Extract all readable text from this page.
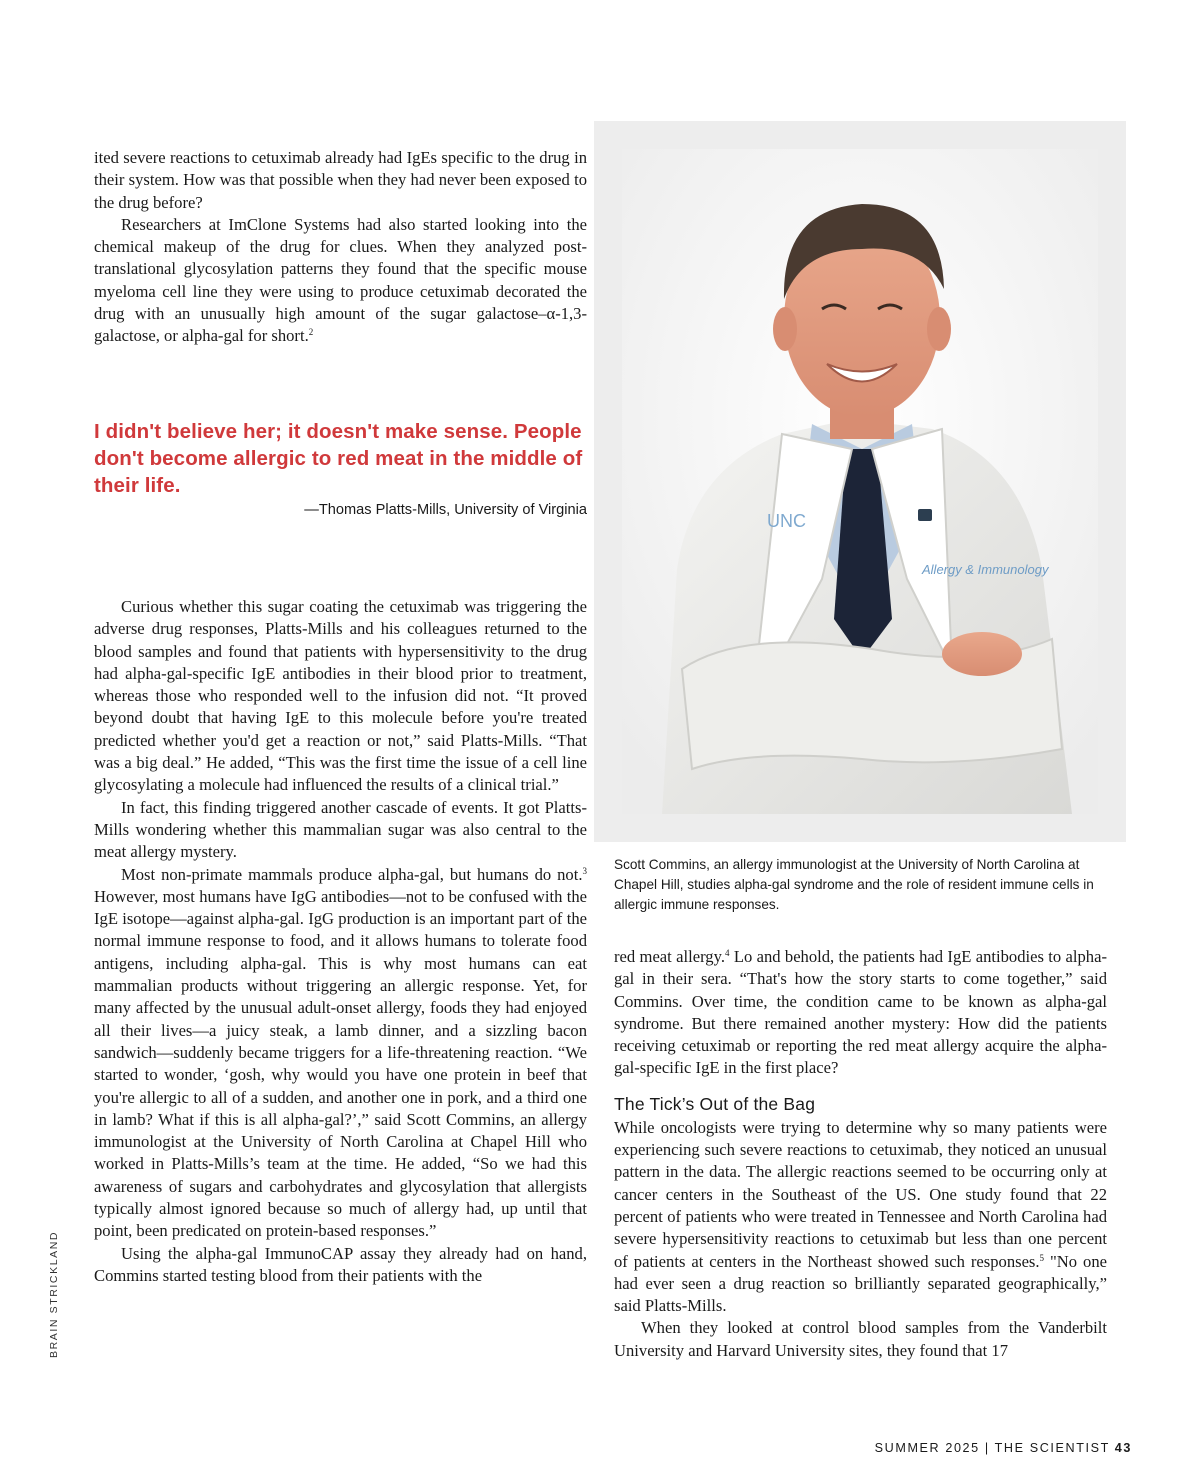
ited severe reactions to cetuximab already had IgEs specific to the drug in their system. How was that possible when they had never been exposed to the drug before?

Researchers at ImClone Systems had also started looking into the chemical makeup of the drug for clues. When they analyzed post-translational glycosylation patterns they found that the specific mouse myeloma cell line they were using to produce cetuximab decorated the drug with an unusually high amount of the sugar galactose–α-1,3-galactose, or alpha-gal for short.$^2$

I didn't believe her; it doesn't make sense. People don't become allergic to red meat in the middle of their life.

—Thomas Platts-Mills, University of Virginia

Curious whether this sugar coating the cetuximab was triggering the adverse drug responses, Platts-Mills and his colleagues returned to the blood samples and found that patients with hypersensitivity to the drug had alpha-gal-specific IgE antibodies in their blood prior to treatment, whereas those who responded well to the infusion did not. “It proved beyond doubt that having IgE to this molecule before you're treated predicted whether you'd get a reaction or not,” said Platts-Mills. “That was a big deal.” He added, “This was the first time the issue of a cell line glycosylating a molecule had influenced the results of a clinical trial.”

In fact, this finding triggered another cascade of events. It got Platts-Mills wondering whether this mammalian sugar was also central to the meat allergy mystery.

Most non-primate mammals produce alpha-gal, but humans do not.$^3$ However, most humans have IgG antibodies—not to be confused with the IgE isotope—against alpha-gal. IgG production is an important part of the normal immune response to food, and it allows humans to tolerate food antigens, including alpha-gal. This is why most humans can eat mammalian products without triggering an allergic response. Yet, for many affected by the unusual adult-onset allergy, foods they had enjoyed all their lives—a juicy steak, a lamb dinner, and a sizzling bacon sandwich—suddenly became triggers for a life-threatening reaction. “We started to wonder, ‘gosh, why would you have one protein in beef that you're allergic to all of a sudden, and another one in pork, and a third one in lamb? What if this is all alpha-gal?’,” said Scott Commins, an allergy immunologist at the University of North Carolina at Chapel Hill who worked in Platts-Mills’s team at the time. He added, “So we had this awareness of sugars and carbohydrates and glycosylation that allergists typically almost ignored because so much of allergy had, up until that point, been predicated on protein-based responses.”

Using the alpha-gal ImmunoCAP assay they already had on hand, Commins started testing blood from their patients with the

UNC
Allergy & Immunology

Scott Commins, an allergy immunologist at the University of North Carolina at Chapel Hill, studies alpha-gal syndrome and the role of resident immune cells in allergic immune responses.

red meat allergy.$^4$ Lo and behold, the patients had IgE antibodies to alpha-gal in their sera. “That's how the story starts to come together,” said Commins. Over time, the condition came to be known as alpha-gal syndrome. But there remained another mystery: How did the patients receiving cetuximab or reporting the red meat allergy acquire the alpha-gal-specific IgE in the first place?

The Tick’s Out of the Bag

While oncologists were trying to determine why so many patients were experiencing such severe reactions to cetuximab, they noticed an unusual pattern in the data. The allergic reactions seemed to be occurring only at cancer centers in the Southeast of the US. One study found that 22 percent of patients who were treated in Tennessee and North Carolina had severe hypersensitivity reactions to cetuximab but less than one percent of patients at centers in the Northeast showed such responses.$^5$ "No one had ever seen a drug reaction so brilliantly separated geographically,” said Platts-Mills.

When they looked at control blood samples from the Vanderbilt University and Harvard University sites, they found that 17

BRAIN STRICKLAND
SUMMER 2025 | THE SCIENTIST 43
